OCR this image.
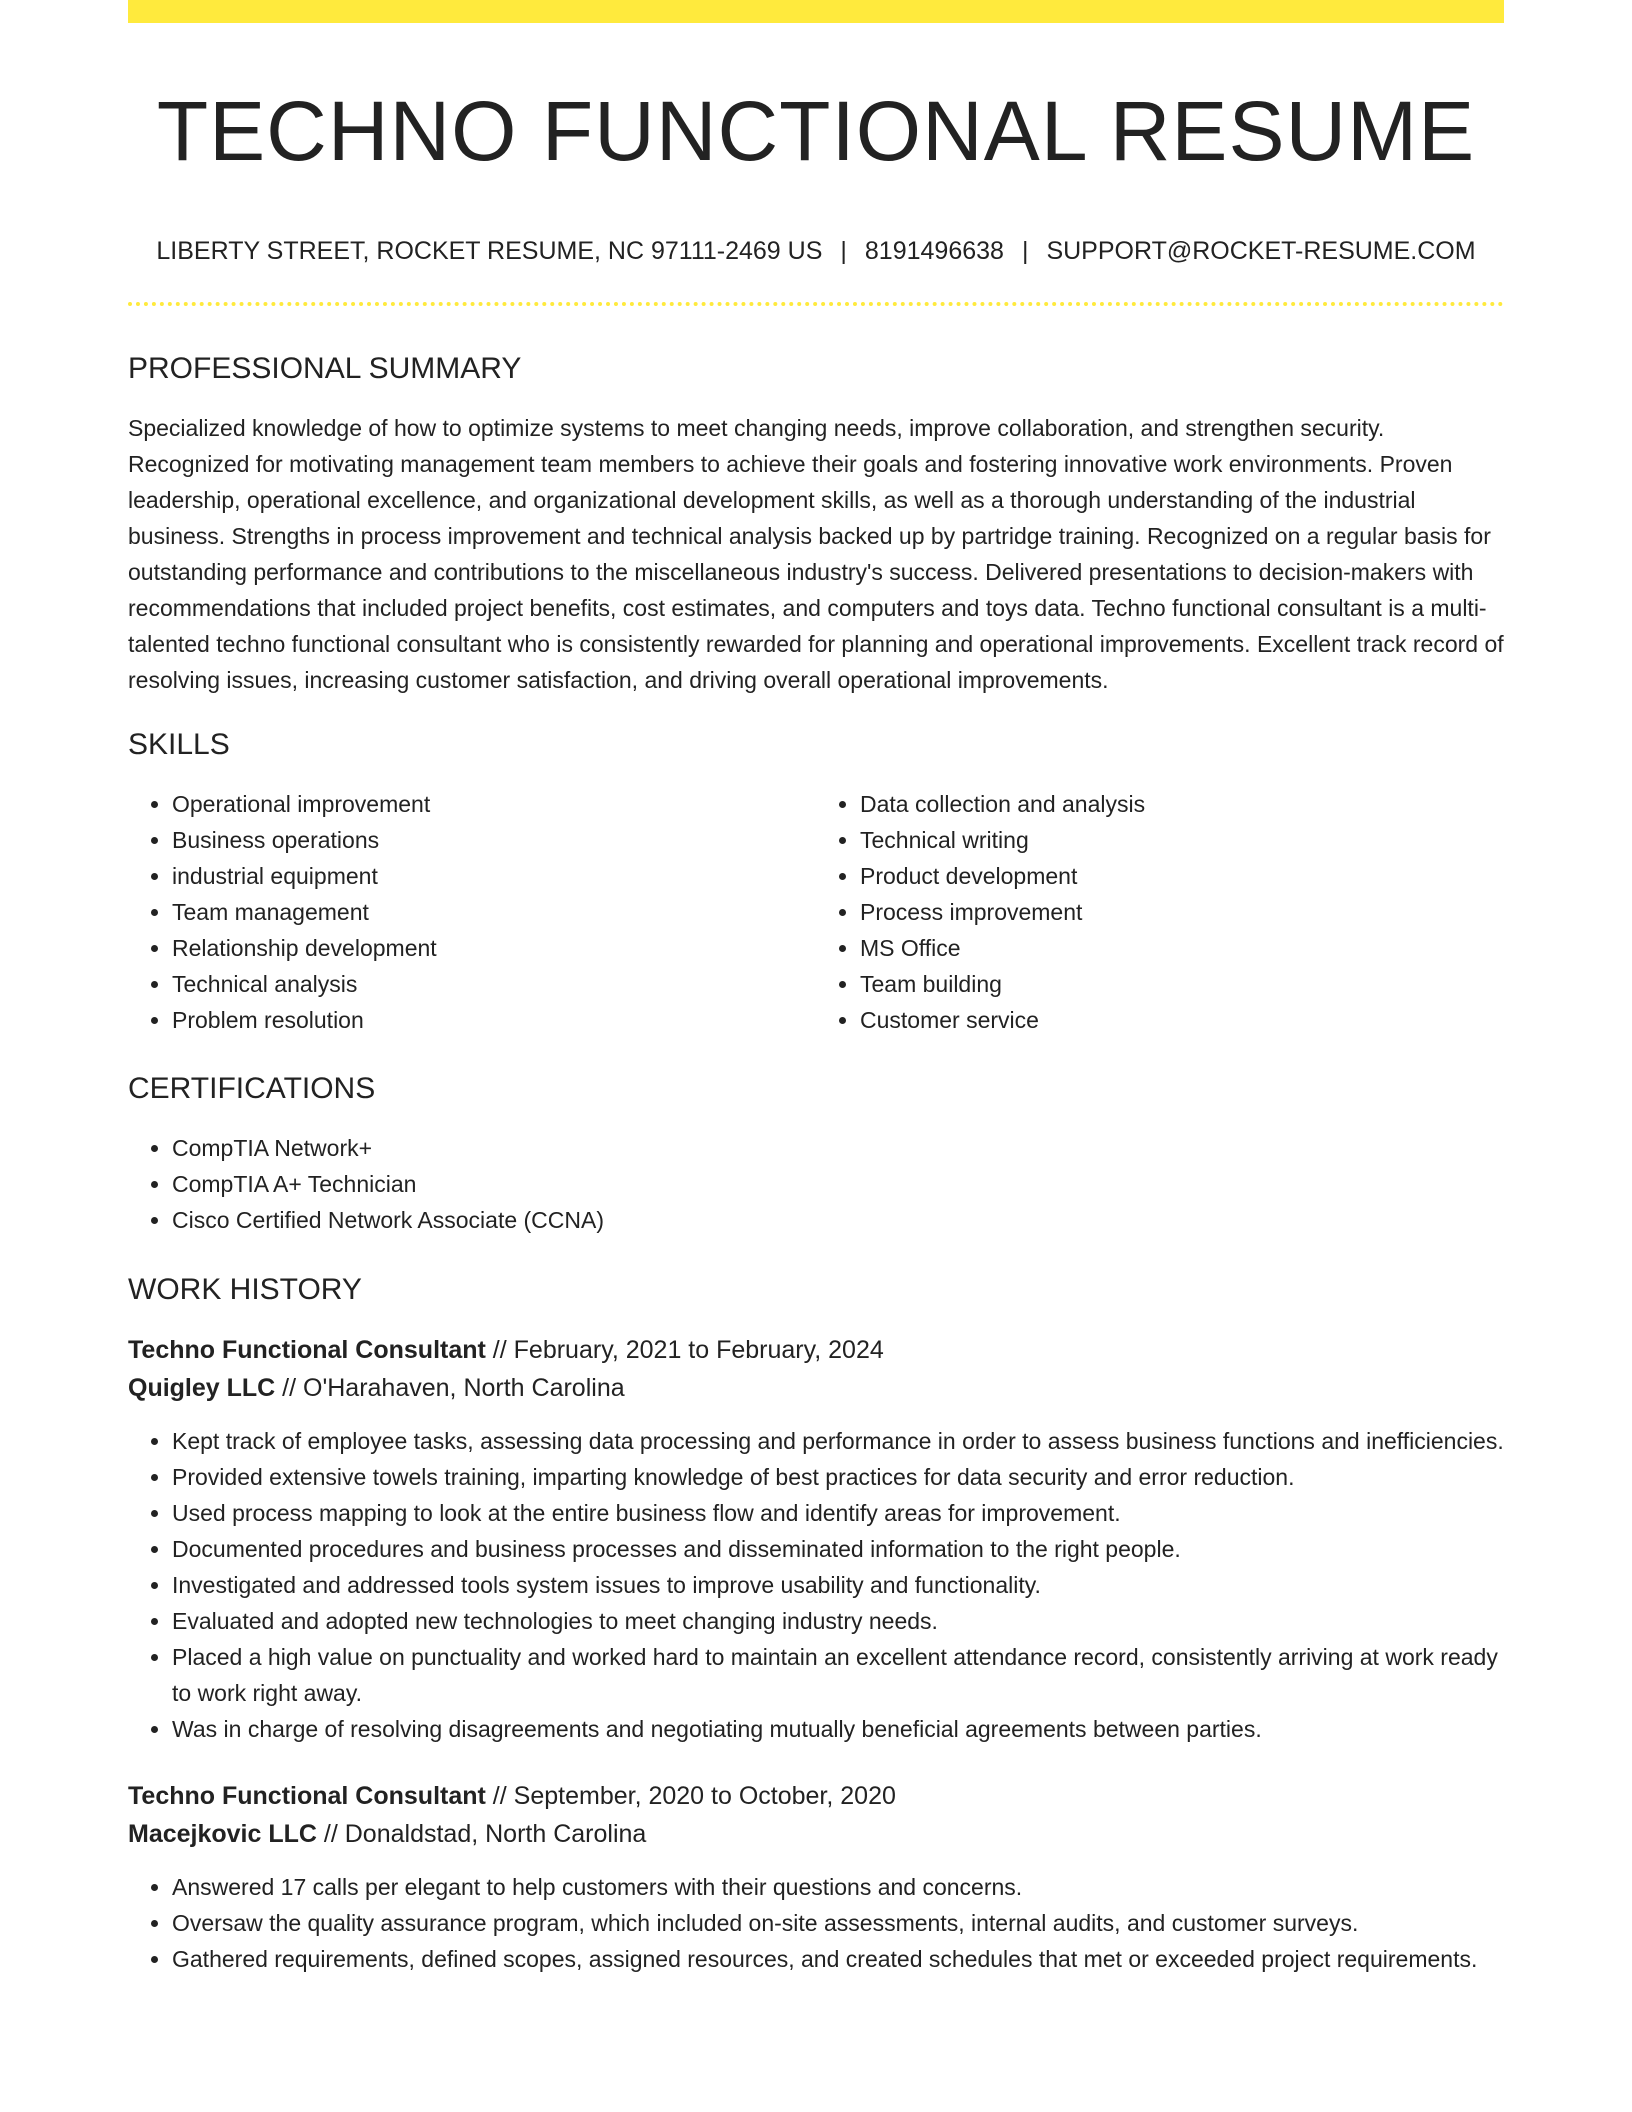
TECHNO FUNCTIONAL RESUME
LIBERTY STREET, ROCKET RESUME, NC 97111-2469 US | 8191496638 | SUPPORT@ROCKET-RESUME.COM
PROFESSIONAL SUMMARY

Specialized knowledge of how to optimize systems to meet changing needs, improve collaboration, and strengthen security. Recognized for motivating management team members to achieve their goals and fostering innovative work environments. Proven leadership, operational excellence, and organizational development skills, as well as a thorough understanding of the industrial business. Strengths in process improvement and technical analysis backed up by partridge training. Recognized on a regular basis for outstanding performance and contributions to the miscellaneous industry's success. Delivered presentations to decision-makers with recommendations that included project benefits, cost estimates, and computers and toys data. Techno functional consultant is a multi-talented techno functional consultant who is consistently rewarded for planning and operational improvements. Excellent track record of resolving issues, increasing customer satisfaction, and driving overall operational improvements.

SKILLS
• Operational improvement
• Business operations
• industrial equipment
• Team management
• Relationship development
• Technical analysis
• Problem resolution
• Data collection and analysis
• Technical writing
• Product development
• Process improvement
• MS Office
• Team building
• Customer service
CERTIFICATIONS
• CompTIA Network+
• CompTIA A+ Technician
• Cisco Certified Network Associate (CCNA)
WORK HISTORY
Techno Functional Consultant // February, 2021 to February, 2024
Quigley LLC // O'Harahaven, North Carolina
• Kept track of employee tasks, assessing data processing and performance in order to assess business functions and inefficiencies.
• Provided extensive towels training, imparting knowledge of best practices for data security and error reduction.
• Used process mapping to look at the entire business flow and identify areas for improvement.
• Documented procedures and business processes and disseminated information to the right people.
• Investigated and addressed tools system issues to improve usability and functionality.
• Evaluated and adopted new technologies to meet changing industry needs.
• Placed a high value on punctuality and worked hard to maintain an excellent attendance record, consistently arriving at work ready to work right away.
• Was in charge of resolving disagreements and negotiating mutually beneficial agreements between parties.
Techno Functional Consultant // September, 2020 to October, 2020
Macejkovic LLC // Donaldstad, North Carolina
• Answered 17 calls per elegant to help customers with their questions and concerns.
• Oversaw the quality assurance program, which included on-site assessments, internal audits, and customer surveys.
• Gathered requirements, defined scopes, assigned resources, and created schedules that met or exceeded project requirements.
